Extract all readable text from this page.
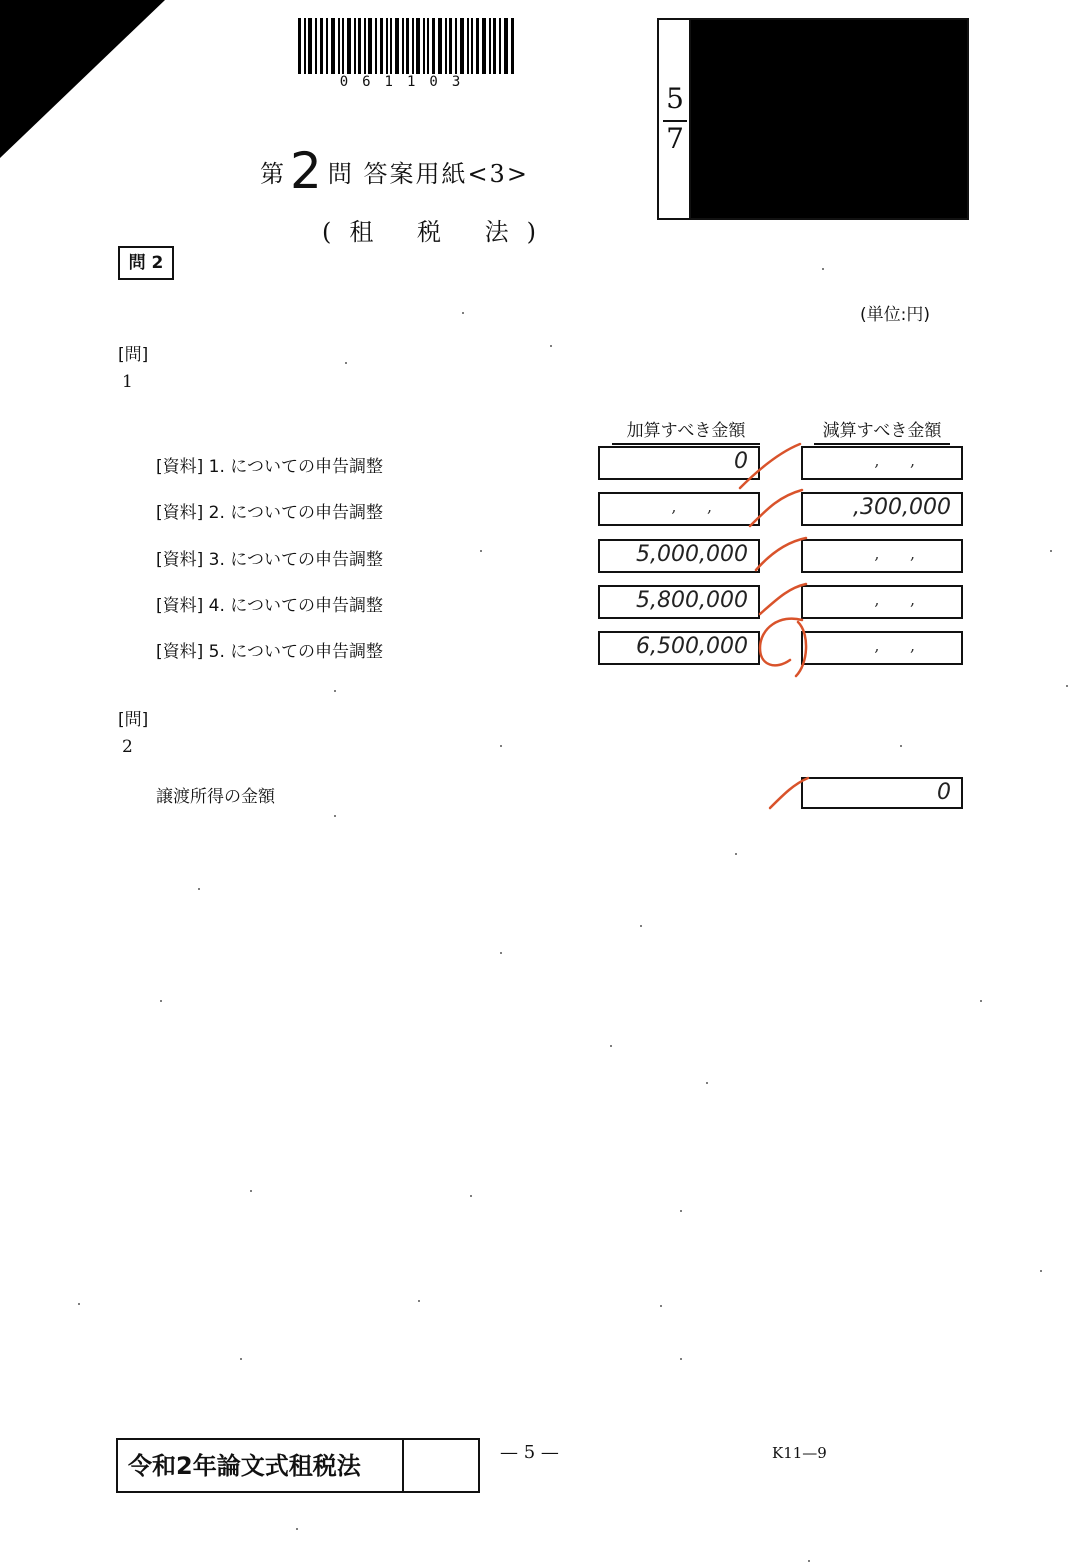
061103
第2 問 答案用紙<3>
(租 税 法)
5
7
問 2
(単位:円)
[問]
1
加算すべき金額	減算すべき金額
[資料] 1. についての申告調整	0	,      ,
[資料] 2. についての申告調整	,      ,	,300,000
[資料] 3. についての申告調整	5,000,000	,      ,
[資料] 4. についての申告調整	5,800,000	,      ,
[資料] 5. についての申告調整	6,500,000	,      ,
[問]
2
譲渡所得の金額	0
令和2年論文式租税法	— 5 —	K11—9
